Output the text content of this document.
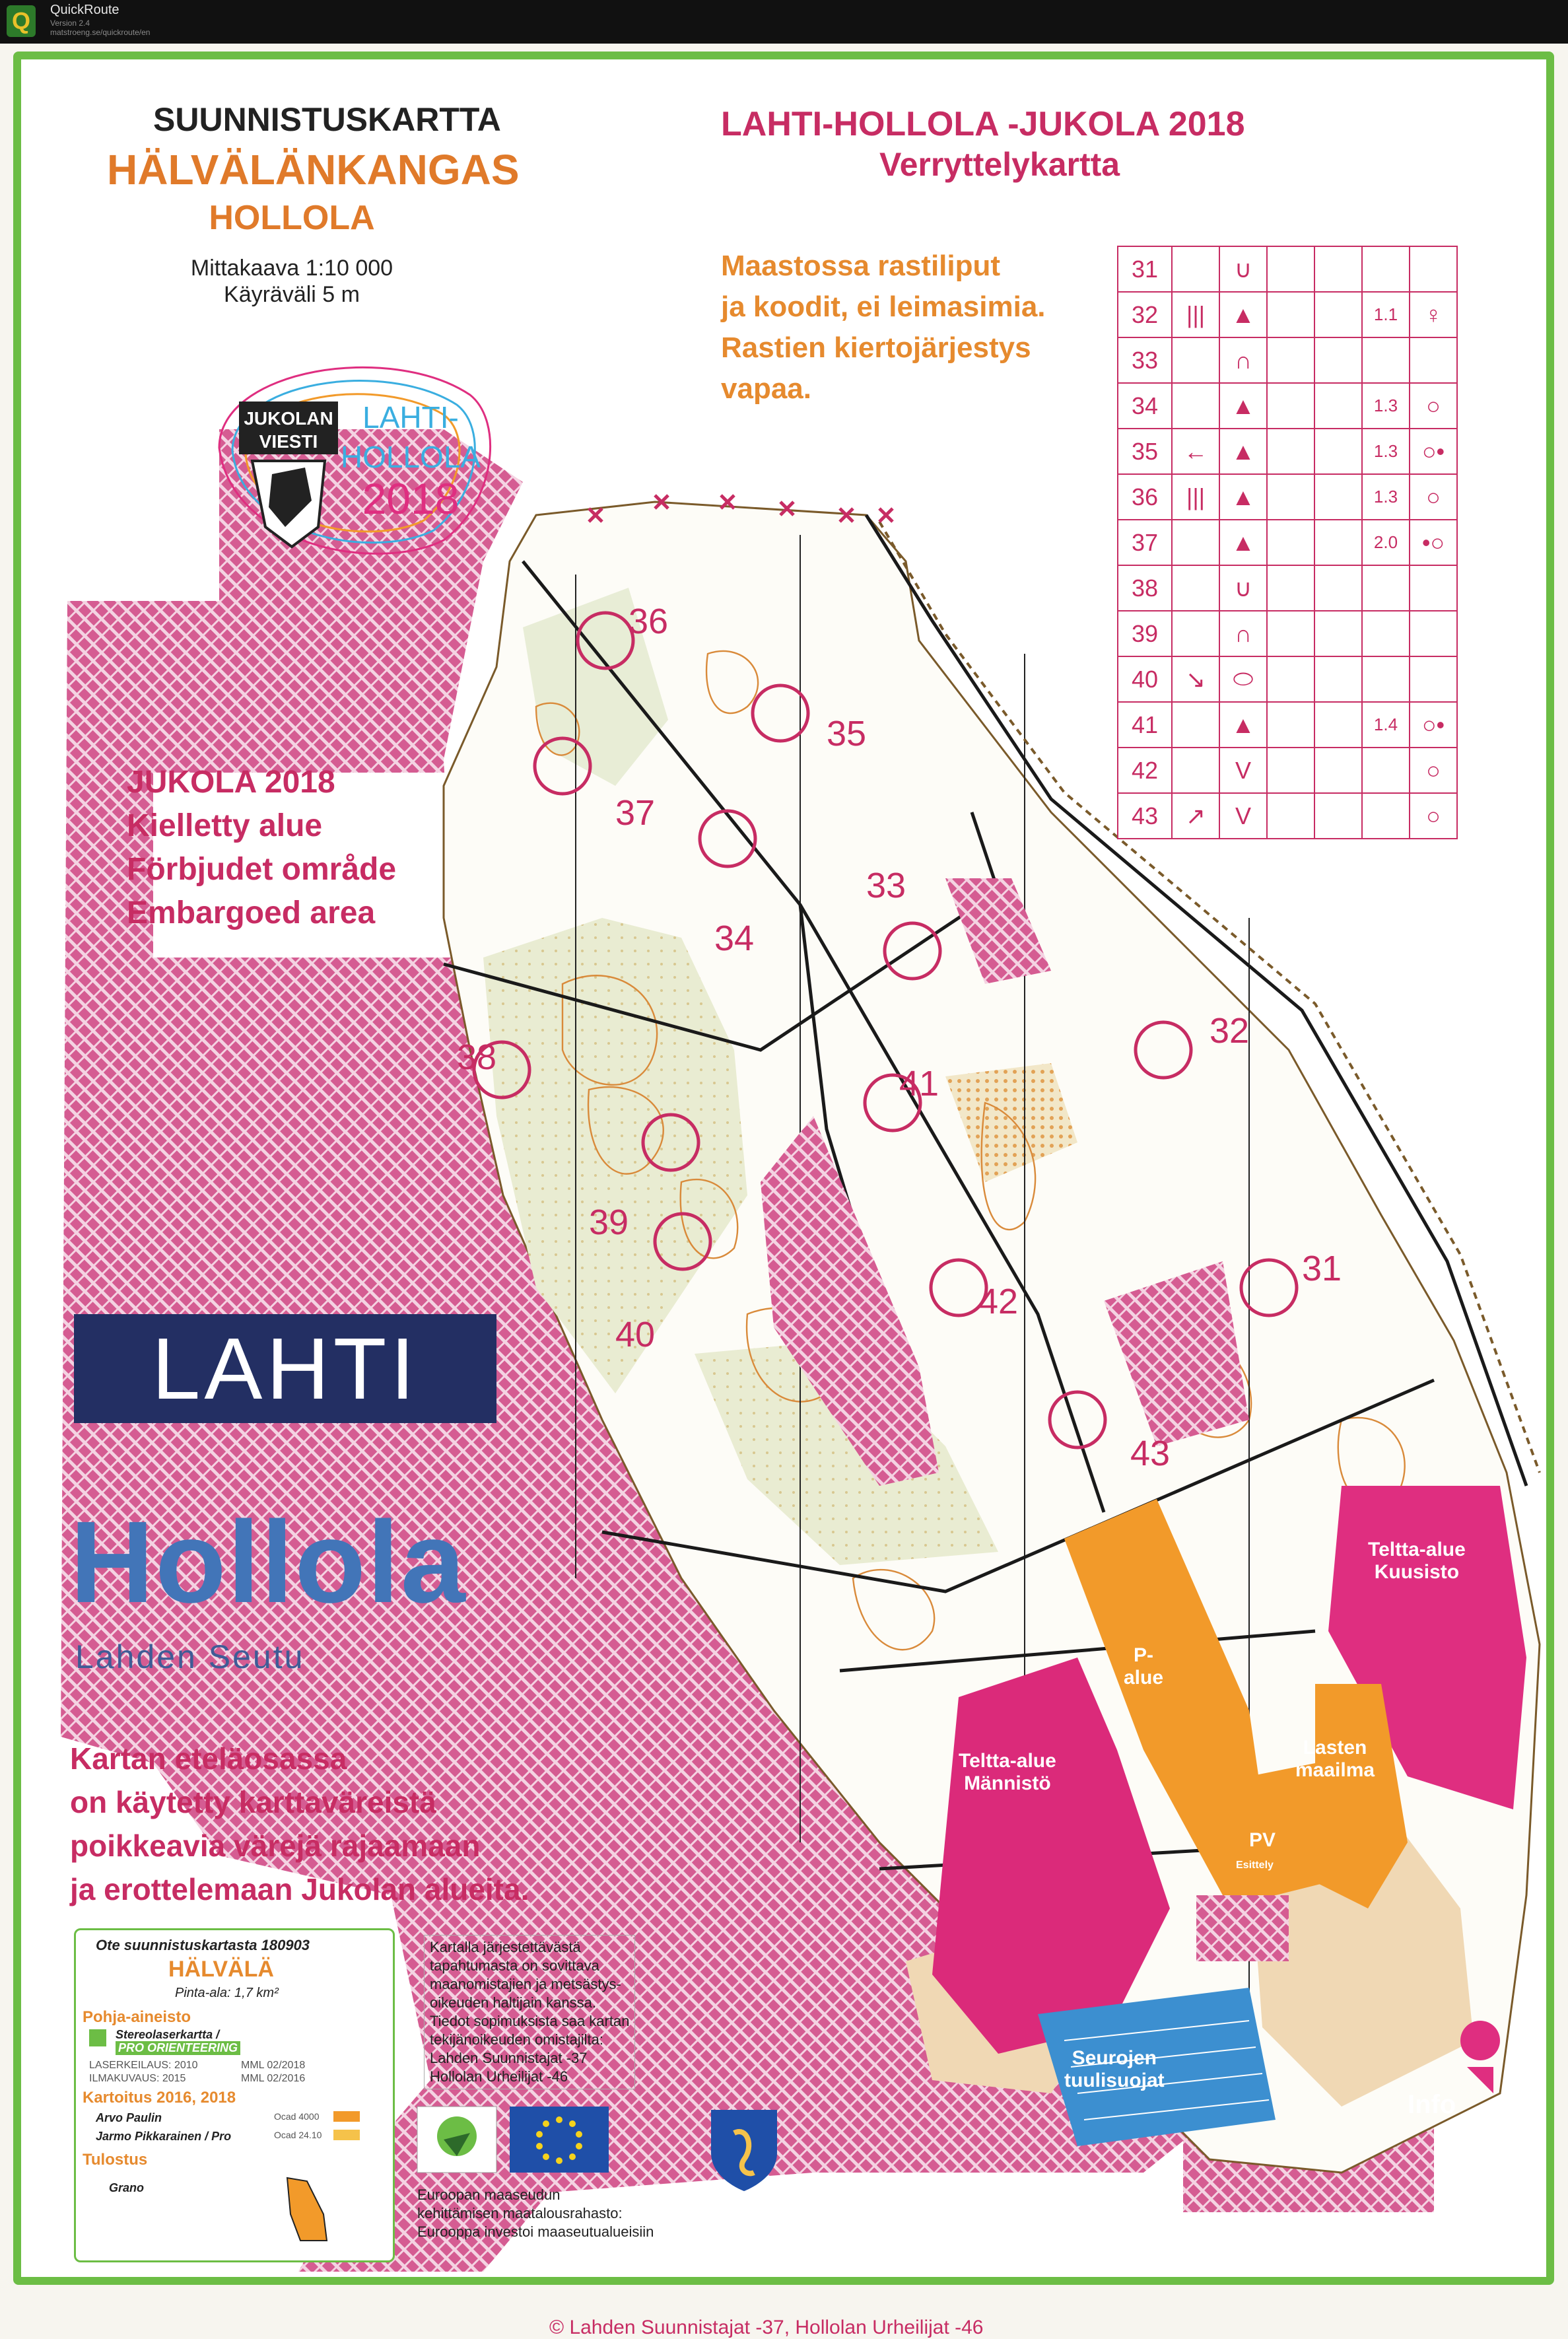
Q QuickRoute
Version 2.4
matstroeng.se/quickroute/en
SUUNNISTUSKARTTA
HÄLVÄLÄNKANGAS
HOLLOLA
Mittakaava 1:10 000
Käyräväli 5 m
JUKOLAN
VIESTI
LAHTI-
HOLLOLA
2018
LAHTI-HOLLOLA -JUKOLA 2018
Verryttelykartta
Maastossa rastiliput
ja koodit, ei leimasimia.
Rastien kiertojärjestys
vapaa.
31		∪				
32	|||	▲			1.1	♀
33		∩				
34		▲			1.3	○
35	←	▲			1.3	○•
36	|||	▲			1.3	○
37		▲			2.0	•○
38		∪				
39		∩				
40	↘	⬭				
41		▲			1.4	○•
42		V				○
43	↗	V				○
JUKOLA 2018
Kielletty alue
Förbjudet område
Embargoed area
31
32
33
34
35
36
37
38
39
40
41
42
43
Teltta-alue
Kuusisto
P-
alue
Teltta-alue
Männistö
Lasten
maailma
PV
Esittely
Seurojen
tuulisuojat
Info
LAHTI
Hollola
Lahden Seutu
Kartan eteläosassa
on käytetty karttaväreistä
poikkeavia värejä rajaamaan
ja erottelemaan Jukolan alueita.
Ote suunnistuskartasta 180903
HÄLVÄLÄ
Pinta-ala: 1,7 km²
Pohja-aineisto
Stereolaserkartta /
PRO ORIENTEERING
LASERKEILAUS: 2010	MML 02/2018
ILMAKUVAUS: 2015	MML 02/2016
Kartoitus 2016, 2018
Arvo Paulin	Ocad 4000
Jarmo Pikkarainen / Pro	Ocad 24.10
Tulostus
Grano
Kartalla järjestettävästä
tapahtumasta on sovittava
maanomistajien ja metsästys-
oikeuden haltijain kanssa.
Tiedot sopimuksista saa kartan
tekijänoikeuden omistajilta:
Lahden Suunnistajat -37
Hollolan Urheilijat -46
Euroopan maaseudun
kehittämisen maatalousrahasto:
Eurooppa investoi maaseutualueisiin
© Lahden Suunnistajat -37, Hollolan Urheilijat -46
